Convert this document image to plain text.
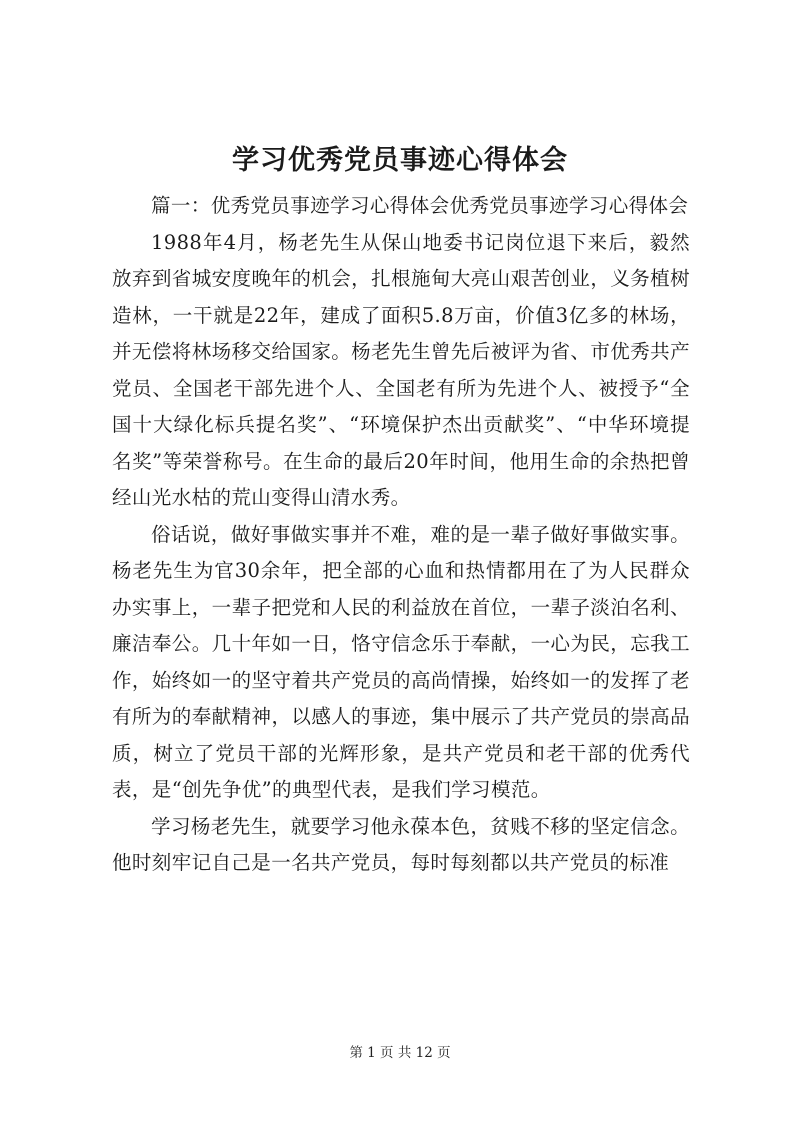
学习优秀党员事迹心得体会

篇一：优秀党员事迹学习心得体会优秀党员事迹学习心得体会

1988年4月，杨老先生从保山地委书记岗位退下来后，毅然放弃到省城安度晚年的机会，扎根施甸大亮山艰苦创业，义务植树造林，一干就是22年，建成了面积5.8万亩，价值3亿多的林场，并无偿将林场移交给国家。杨老先生曾先后被评为省、市优秀共产党员、全国老干部先进个人、全国老有所为先进个人、被授予“全国十大绿化标兵提名奖”、“环境保护杰出贡献奖”、“中华环境提名奖”等荣誉称号。在生命的最后20年时间，他用生命的余热把曾经山光水枯的荒山变得山清水秀。

俗话说，做好事做实事并不难，难的是一辈子做好事做实事。杨老先生为官30余年，把全部的心血和热情都用在了为人民群众办实事上，一辈子把党和人民的利益放在首位，一辈子淡泊名利、廉洁奉公。几十年如一日，恪守信念乐于奉献，一心为民，忘我工作，始终如一的坚守着共产党员的高尚情操，始终如一的发挥了老有所为的奉献精神，以感人的事迹，集中展示了共产党员的崇高品质，树立了党员干部的光辉形象，是共产党员和老干部的优秀代表，是“创先争优”的典型代表，是我们学习模范。

学习杨老先生，就要学习他永葆本色，贫贱不移的坚定信念。他时刻牢记自己是一名共产党员，每时每刻都以共产党员的标准

第 1 页 共 12 页
